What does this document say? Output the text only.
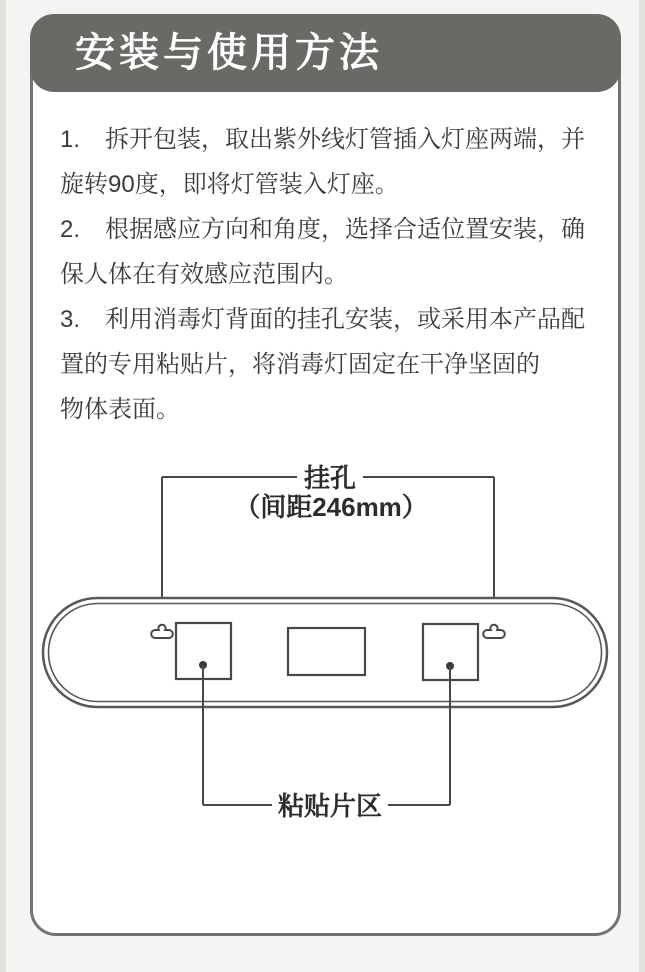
安装与使用方法
1. 拆开包装，取出紫外线灯管插入灯座两端，并
旋转90度，即将灯管装入灯座。
2. 根据感应方向和角度，选择合适位置安装，确
保人体在有效感应范围内。
3. 利用消毒灯背面的挂孔安装，或采用本产品配
置的专用粘贴片，将消毒灯固定在干净坚固的
物体表面。
挂孔
（间距246mm）
粘贴片区
